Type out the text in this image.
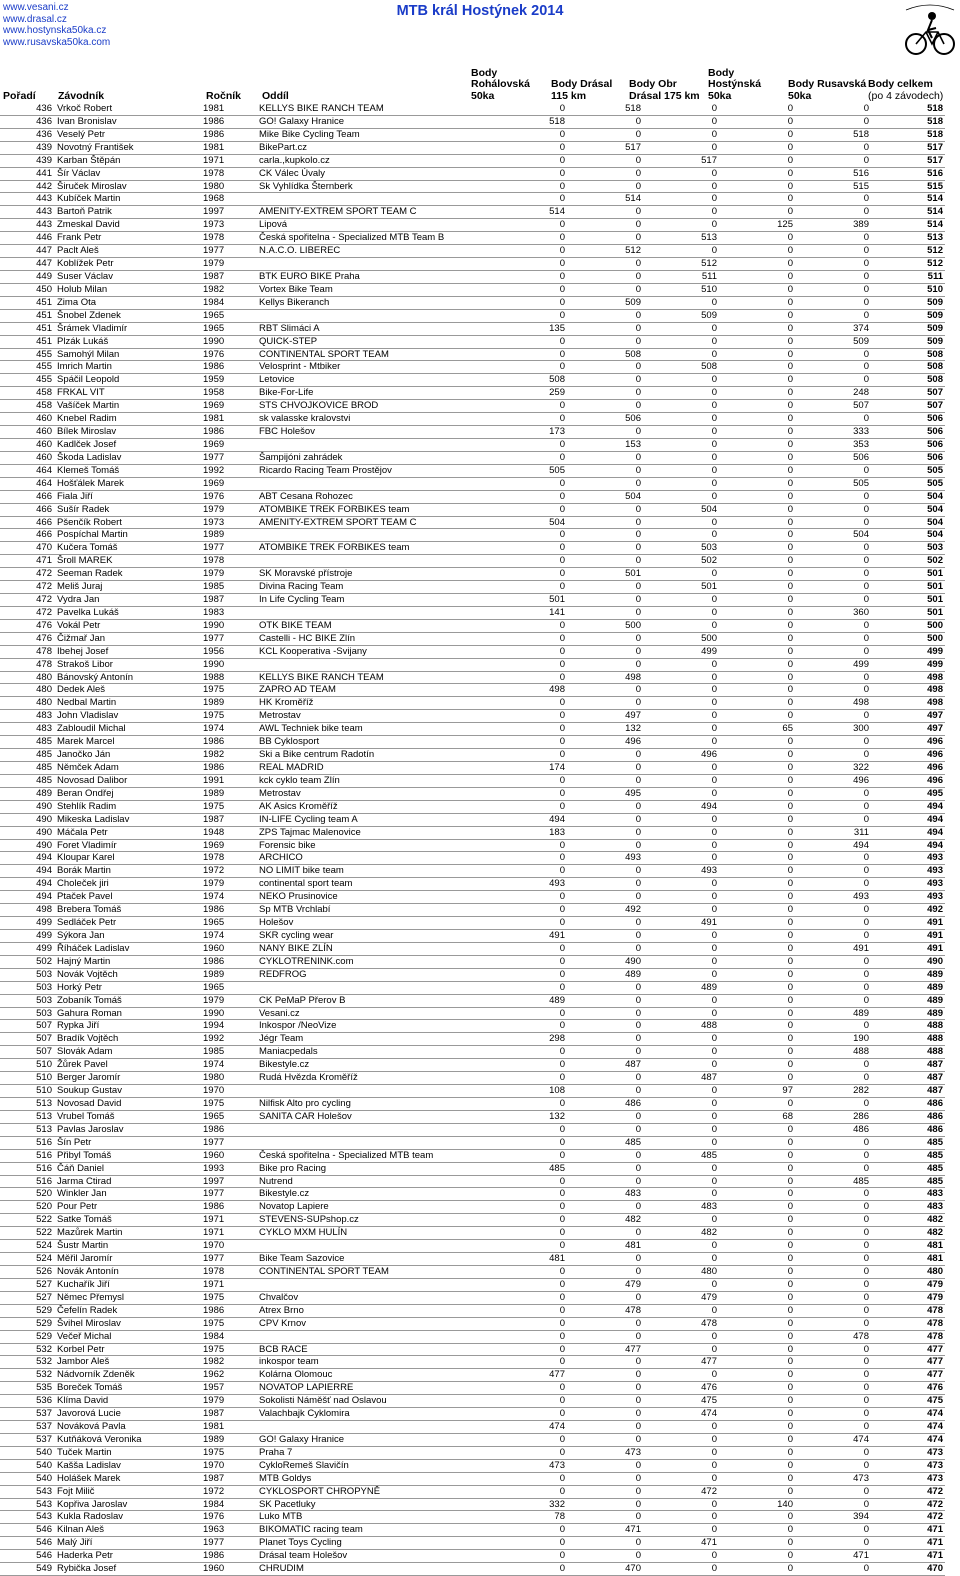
www.vesani.cz
www.drasal.cz
www.hostynska50ka.cz
www.rusavska50ka.com
MTB král Hostýnek 2014
Pořadí Závodník	Ročník Oddíl
Body
Rohálovská
50ka
Body Drásal
115 km
Body Obr
Drásal 175 km
Body
Hostýnská
50ka
Body Rusavská
50ka
Body celkem
(po 4 závodech)
436	Vrkoč Robert	1981	KELLYS BIKE RANCH TEAM	0	518	0	0	0	518
436	Ivan Bronislav	1986	GO! Galaxy Hranice	518	0	0	0	0	518
436	Veselý Petr	1986	Mike Bike Cycling Team	0	0	0	0	518	518
439	Novotný František	1981	BikePart.cz	0	517	0	0	0	517
439	Karban Štěpán	1971	carla.,kupkolo.cz	0	0	517	0	0	517
441	Šír Václav	1978	CK Válec Úvaly	0	0	0	0	516	516
442	Širuček Miroslav	1980	Sk Vyhlídka Šternberk	0	0	0	0	515	515
443	Kubíček Martin	1968		0	514	0	0	0	514
443	Bartoň Patrik	1997	AMENITY-EXTREM SPORT TEAM C	514	0	0	0	0	514
443	Zmeskal David	1973	Lipová	0	0	0	125	389	514
446	Frank Petr	1978	Česká spořitelna - Specialized MTB Team B	0	0	513	0	0	513
447	Paclt Aleš	1977	N.A.C.O. LIBEREC	0	512	0	0	0	512
447	Koblížek Petr	1979		0	0	512	0	0	512
449	Suser Václav	1987	BTK EURO BIKE Praha	0	0	511	0	0	511
450	Holub Milan	1982	Vortex Bike Team	0	0	510	0	0	510
451	Zima Ota	1984	Kellys Bikeranch	0	509	0	0	0	509
451	Šnobel Zdenek	1965		0	0	509	0	0	509
451	Šrámek Vladimír	1965	RBT Slimáci A	135	0	0	0	374	509
451	Plzák Lukáš	1990	QUICK-STEP	0	0	0	0	509	509
455	Samohýl Milan	1976	CONTINENTAL SPORT TEAM	0	508	0	0	0	508
455	Imrich Martin	1986	Velosprint - Mtbiker	0	0	508	0	0	508
455	Spáčil Leopold	1959	Letovice	508	0	0	0	0	508
458	FRKAL VIT	1958	Bike-For-Life	259	0	0	0	248	507
458	Vašíček Martin	1969	STS CHVOJKOVICE BROD	0	0	0	0	507	507
460	Knebel Radim	1981	sk valasske kralovstvi	0	506	0	0	0	506
460	Bílek Miroslav	1986	FBC Holešov	173	0	0	0	333	506
460	Kadlček Josef	1969		0	153	0	0	353	506
460	Škoda Ladislav	1977	Šampijóni zahrádek	0	0	0	0	506	506
464	Klemeš Tomáš	1992	Ricardo Racing Team Prostějov	505	0	0	0	0	505
464	Hošťálek Marek	1969		0	0	0	0	505	505
466	Fiala Jiří	1976	ABT Cesana Rohozec	0	504	0	0	0	504
466	Sušír Radek	1979	ATOMBIKE TREK FORBIKES team	0	0	504	0	0	504
466	Pšenčík Robert	1973	AMENITY-EXTREM SPORT TEAM C	504	0	0	0	0	504
466	Pospíchal Martin	1989		0	0	0	0	504	504
470	Kučera Tomáš	1977	ATOMBIKE TREK FORBIKES team	0	0	503	0	0	503
471	Šroll MAREK	1978		0	0	502	0	0	502
472	Seeman Radek	1979	SK Moravské přístroje	0	501	0	0	0	501
472	Meliš Juraj	1985	Divina Racing Team	0	0	501	0	0	501
472	Vydra Jan	1987	In Life Cycling Team	501	0	0	0	0	501
472	Pavelka Lukáš	1983		141	0	0	0	360	501
476	Vokál Petr	1990	OTK BIKE TEAM	0	500	0	0	0	500
476	Čižmař Jan	1977	Castelli - HC BIKE Zlín	0	0	500	0	0	500
478	Ibehej Josef	1956	KCL Kooperativa -Svijany	0	0	499	0	0	499
478	Strakoš Libor	1990		0	0	0	0	499	499
480	Bánovský Antonín	1988	KELLYS BIKE RANCH TEAM	0	498	0	0	0	498
480	Dedek Aleš	1975	ZAPRO AD TEAM	498	0	0	0	0	498
480	Nedbal Martin	1989	HK Kroměříž	0	0	0	0	498	498
483	John Vladislav	1975	Metrostav	0	497	0	0	0	497
483	Zabloudil Michal	1974	AWL Techniek bike team	0	132	0	65	300	497
485	Marek Marcel	1986	BB Cyklosport	0	496	0	0	0	496
485	Janočko Ján	1982	Ski a Bike centrum Radotín	0	0	496	0	0	496
485	Němček Adam	1986	REAL MADRID	174	0	0	0	322	496
485	Novosad Dalibor	1991	kck cyklo team Zlín	0	0	0	0	496	496
489	Beran Ondřej	1989	Metrostav	0	495	0	0	0	495
490	Stehlík Radim	1975	AK Asics Kroměříž	0	0	494	0	0	494
490	Mikeska Ladislav	1987	IN-LIFE Cycling team A	494	0	0	0	0	494
490	Máčala Petr	1948	ZPS Tajmac Malenovice	183	0	0	0	311	494
490	Foret Vladimír	1969	Forensic bike	0	0	0	0	494	494
494	Kloupar Karel	1978	ARCHICO	0	493	0	0	0	493
494	Borák Martin	1972	NO LIMIT bike team	0	0	493	0	0	493
494	Choleček jiri	1979	continental sport team	493	0	0	0	0	493
494	Ptaček Pavel	1974	NEKO Prusinovice	0	0	0	0	493	493
498	Brebera Tomáš	1986	Sp MTB Vrchlabí	0	492	0	0	0	492
499	Sedláček Petr	1965	Holešov	0	0	491	0	0	491
499	Sýkora Jan	1974	SKR cycling wear	491	0	0	0	0	491
499	Říháček Ladislav	1960	NANY BIKE ZLÍN	0	0	0	0	491	491
502	Hajný Martin	1986	CYKLOTRENINK.com	0	490	0	0	0	490
503	Novák Vojtěch	1989	REDFROG	0	489	0	0	0	489
503	Horký Petr	1965		0	0	489	0	0	489
503	Zobaník Tomáš	1979	CK PeMaP Přerov B	489	0	0	0	0	489
503	Gahura Roman	1990	Vesani.cz	0	0	0	0	489	489
507	Rypka Jiří	1994	Inkospor /NeoVize	0	0	488	0	0	488
507	Bradík Vojtěch	1992	Jégr Team	298	0	0	0	190	488
507	Slovák Adam	1985	Maniacpedals	0	0	0	0	488	488
510	Žůrek Pavel	1974	Bikestyle.cz	0	487	0	0	0	487
510	Berger Jaromír	1980	Rudá Hvězda Kroměříž	0	0	487	0	0	487
510	Soukup Gustav	1970		108	0	0	97	282	487
513	Novosad David	1975	Nilfisk Alto pro cycling	0	486	0	0	0	486
513	Vrubel Tomáš	1965	SANITA CAR Holešov	132	0	0	68	286	486
513	Pavlas Jaroslav	1986		0	0	0	0	486	486
516	Šín Petr	1977		0	485	0	0	0	485
516	Přibyl Tomáš	1960	Česká spořitelna - Specialized MTB team	0	0	485	0	0	485
516	Čáň Daniel	1993	Bike pro Racing	485	0	0	0	0	485
516	Jarma Ctirad	1997	Nutrend	0	0	0	0	485	485
520	Winkler Jan	1977	Bikestyle.cz	0	483	0	0	0	483
520	Pour Petr	1986	Novatop Lapiere	0	0	483	0	0	483
522	Satke Tomáš	1971	STEVENS-SUPshop.cz	0	482	0	0	0	482
522	Mazůrek Martin	1971	CYKLO MXM HULÍN	0	0	482	0	0	482
524	Šustr Martin	1970		0	481	0	0	0	481
524	Měřil Jaromír	1977	Bike Team Sazovice	481	0	0	0	0	481
526	Novák Antonín	1978	CONTINENTAL SPORT TEAM	0	0	480	0	0	480
527	Kuchařík Jiří	1971		0	479	0	0	0	479
527	Němec Přemysl	1975	Chvalčov	0	0	479	0	0	479
529	Čefelín Radek	1986	Atrex Brno	0	478	0	0	0	478
529	Švihel Miroslav	1975	CPV Krnov	0	0	478	0	0	478
529	Večeř Michal	1984		0	0	0	0	478	478
532	Korbel Petr	1975	BCB RACE	0	477	0	0	0	477
532	Jambor Aleš	1982	inkospor team	0	0	477	0	0	477
532	Nádvorník Zdeněk	1962	Kolárna Olomouc	477	0	0	0	0	477
535	Boreček Tomáš	1957	NOVATOP LAPIERRE	0	0	476	0	0	476
536	Klíma David	1979	Sokolisti Náměšť nad Oslavou	0	0	475	0	0	475
537	Javorová Lucie	1987	Valachbajk Cyklomira	0	0	474	0	0	474
537	Nováková Pavla	1981		474	0	0	0	0	474
537	Kutňáková Veronika	1989	GO! Galaxy Hranice	0	0	0	0	474	474
540	Tuček Martin	1975	Praha 7	0	473	0	0	0	473
540	Kašša Ladislav	1970	CykloRemeš Slavičín	473	0	0	0	0	473
540	Holášek Marek	1987	MTB Goldys	0	0	0	0	473	473
543	Fojt Milič	1972	CYKLOSPORT CHROPYNĚ	0	0	472	0	0	472
543	Kopřiva Jaroslav	1984	SK Pacetluky	332	0	0	140	0	472
543	Kukla Radoslav	1976	Luko MTB	78	0	0	0	394	472
546	Kilnan Aleš	1963	BIKOMATIC racing team	0	471	0	0	0	471
546	Malý Jiří	1977	Planet Toys Cycling	0	0	471	0	0	471
546	Haderka Petr	1986	Drásal team Holešov	0	0	0	0	471	471
549	Rybička Josef	1960	CHRUDIM	0	470	0	0	0	470
